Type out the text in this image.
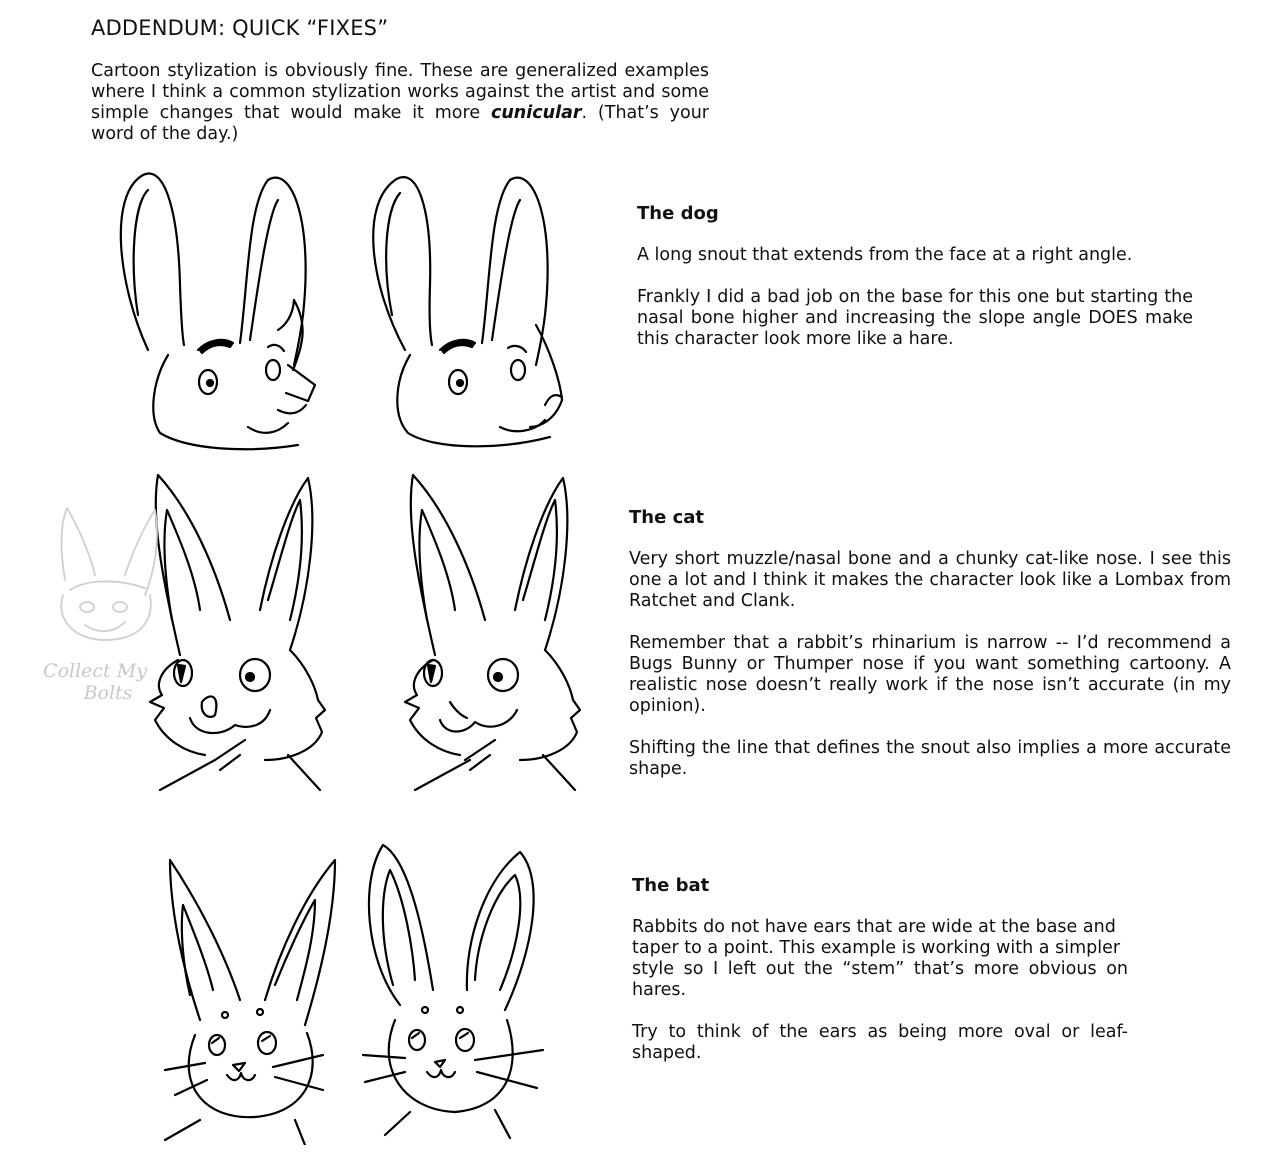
ADDENDUM: QUICK “FIXES”

Cartoon stylization is obviously fine. These are generalized examples where I think a common stylization works against the artist and some simple changes that would make it more cunicular. (That’s your word of the day.)

The dog

A long snout that extends from the face at a right angle.

Frankly I did a bad job on the base for this one but starting the nasal bone higher and increasing the slope angle DOES make this character look more like a hare.

The cat

Very short muzzle/nasal bone and a chunky cat-like nose. I see this one a lot and I think it makes the character look like a Lombax from Ratchet and Clank.

Remember that a rabbit’s rhinarium is narrow -- I’d recommend a Bugs Bunny or Thumper nose if you want something cartoony. A realistic nose doesn’t really work if the nose isn’t accurate (in my opinion).

Shifting the line that defines the snout also implies a more accurate shape.

The bat

Rabbits do not have ears that are wide at the base and taper to a point. This example is working with a simpler

style so I left out the “stem” that’s more obvious on hares.

Try to think of the ears as being more oval or leaf-shaped.

Collect My
Bolts
